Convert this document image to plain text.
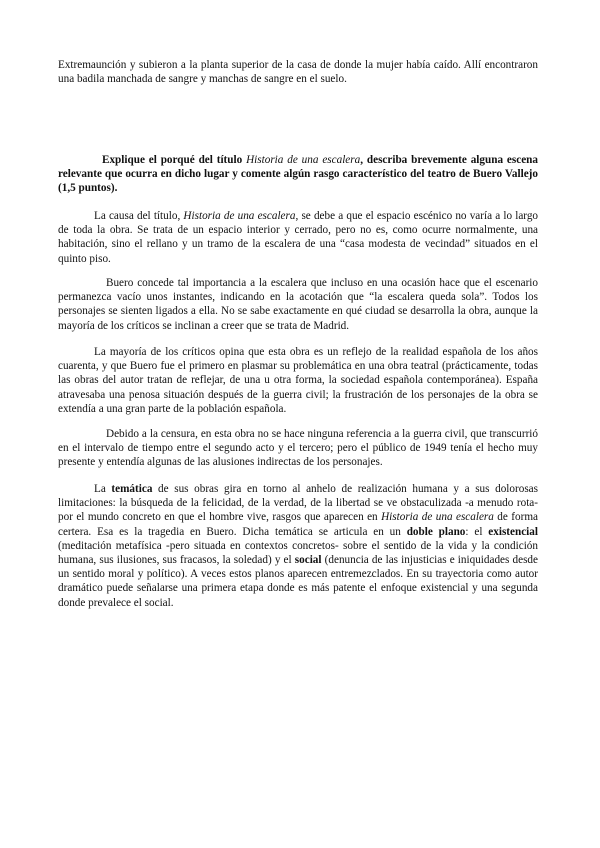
Extremaunción y subieron a la planta superior de la casa de donde la mujer había caído. Allí encontraron una badila manchada de sangre y manchas de sangre en el suelo.

Explique el porqué del título Historia de una escalera, describa brevemente alguna escena relevante que ocurra en dicho lugar y comente algún rasgo característico del teatro de Buero Vallejo (1,5 puntos).

La causa del título, Historia de una escalera, se debe a que el espacio escénico no varía a lo largo de toda la obra. Se trata de un espacio interior y cerrado, pero no es, como ocurre normalmente, una habitación, sino el rellano y un tramo de la escalera de una “casa modesta de vecindad” situados en el quinto piso.

Buero concede tal importancia a la escalera que incluso en una ocasión hace que el escenario permanezca vacío unos instantes, indicando en la acotación que “la escalera queda sola”. Todos los personajes se sienten ligados a ella. No se sabe exactamente en qué ciudad se desarrolla la obra, aunque la mayoría de los críticos se inclinan a creer que se trata de Madrid.

La mayoría de los críticos opina que esta obra es un reflejo de la realidad española de los años cuarenta, y que Buero fue el primero en plasmar su problemática en una obra teatral (prácticamente, todas las obras del autor tratan de reflejar, de una u otra forma, la sociedad española contemporánea). España atravesaba una penosa situación después de la guerra civil; la frustración de los personajes de la obra se extendía a una gran parte de la población española.

Debido a la censura, en esta obra no se hace ninguna referencia a la guerra civil, que transcurrió en el intervalo de tiempo entre el segundo acto y el tercero; pero el público de 1949 tenía el hecho muy presente y entendía algunas de las alusiones indirectas de los personajes.

La temática de sus obras gira en torno al anhelo de realización humana y a sus dolorosas limitaciones: la búsqueda de la felicidad, de la verdad, de la libertad se ve obstaculizada -a menudo rota- por el mundo concreto en que el hombre vive, rasgos que aparecen en Historia de una escalera de forma certera. Esa es la tragedia en Buero. Dicha temática se articula en un doble plano: el existencial (meditación metafísica -pero situada en contextos concretos- sobre el sentido de la vida y la condición humana, sus ilusiones, sus fracasos, la soledad) y el social (denuncia de las injusticias e iniquidades desde un sentido moral y político). A veces estos planos aparecen entremezclados. En su trayectoria como autor dramático puede señalarse una primera etapa donde es más patente el enfoque existencial y una segunda donde prevalece el social.
